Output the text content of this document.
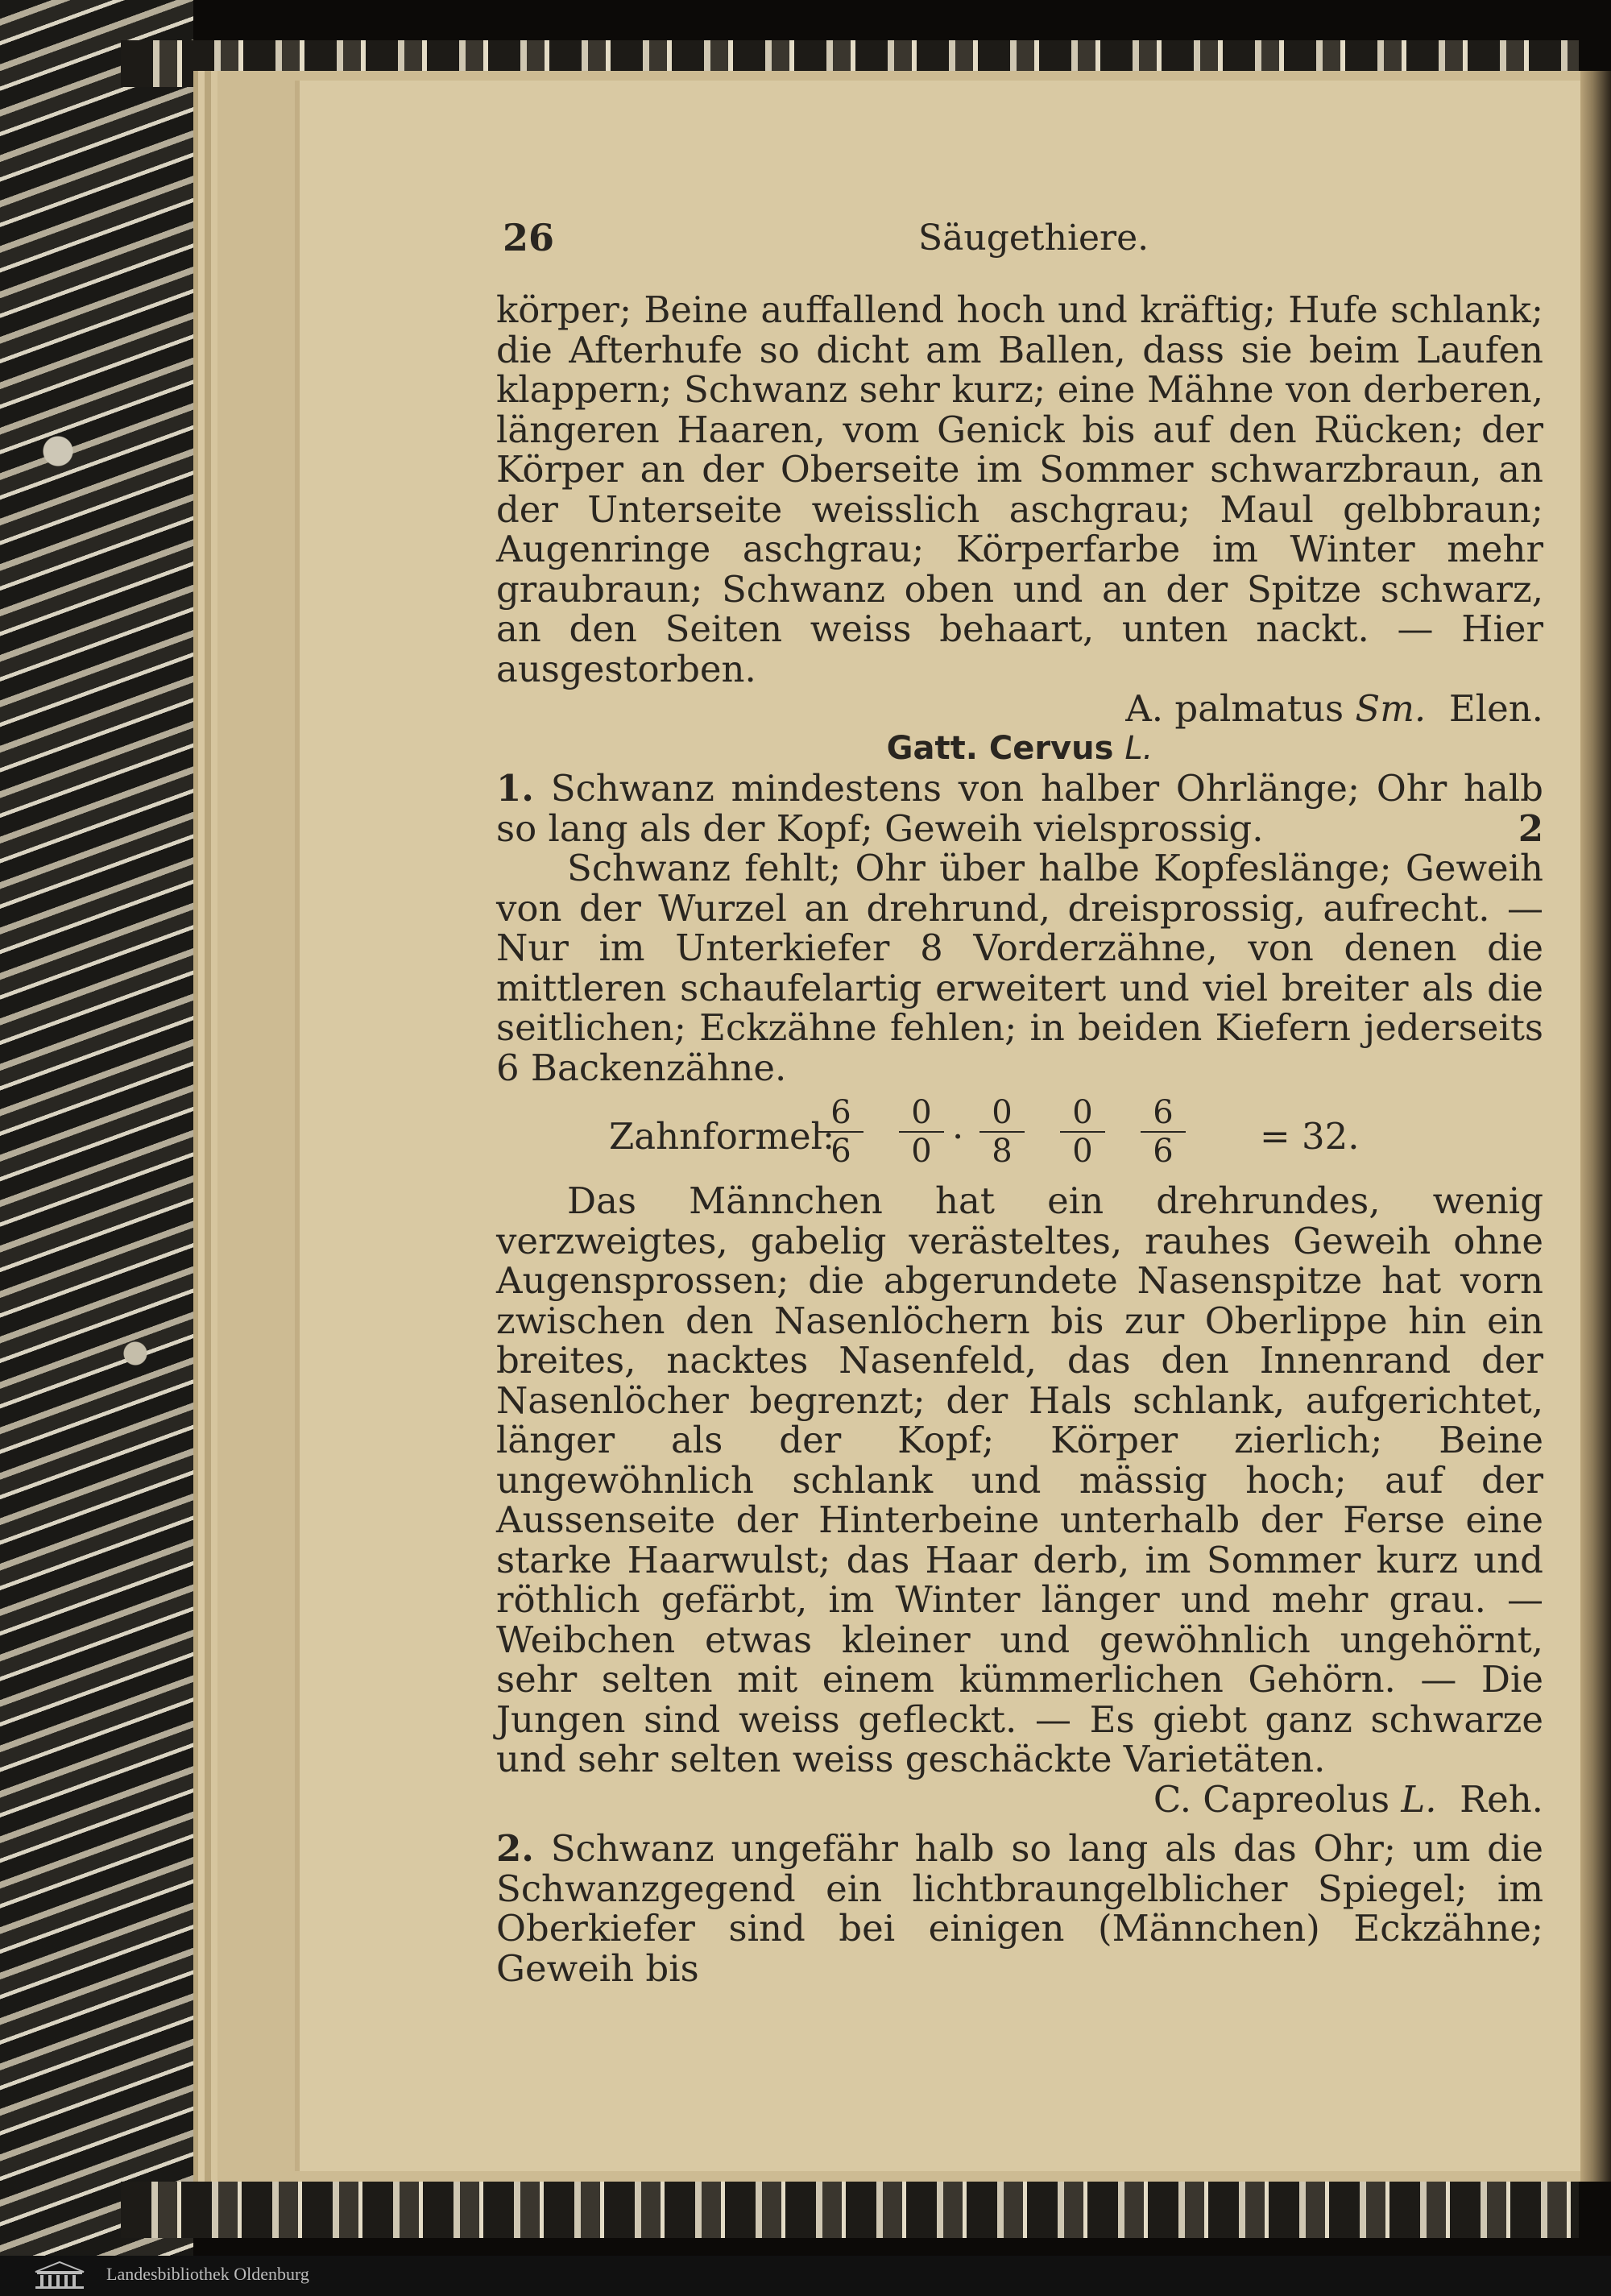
26	Säugethiere.

körper; Beine auffallend hoch und kräftig; Hufe schlank; die Afterhufe so dicht am Ballen, dass sie beim Laufen klappern; Schwanz sehr kurz; eine Mähne von derberen, längeren Haaren, vom Genick bis auf den Rücken; der Körper an der Oberseite im Sommer schwarzbraun, an der Unterseite weisslich aschgrau; Maul gelbbraun; Augenringe aschgrau; Körperfarbe im Winter mehr graubraun; Schwanz oben und an der Spitze schwarz, an den Seiten weiss behaart, unten nackt. — Hier ausgestorben.

A. palmatus Sm.  Elen.

Gatt. Cervus L.

1. Schwanz mindestens von halber Ohrlänge; Ohr halb so lang als der Kopf; Geweih vielsprossig.	2

Schwanz fehlt; Ohr über halbe Kopfeslänge; Geweih von der Wurzel an drehrund, dreisprossig, aufrecht. — Nur im Unterkiefer 8 Vorderzähne, von denen die mittleren schaufelartig erweitert und viel breiter als die seitlichen; Eckzähne fehlen; in beiden Kiefern jederseits 6 Backenzähne.

Zahnformel:
$\frac{6}{6} \frac{0}{0} \cdot \frac{0}{8} \frac{0}{0} \frac{6}{6} = 32$.

Das Männchen hat ein drehrundes, wenig verzweigtes, gabelig verästeltes, rauhes Geweih ohne Augensprossen; die abgerundete Nasenspitze hat vorn zwischen den Nasenlöchern bis zur Oberlippe hin ein breites, nacktes Nasenfeld, das den Innenrand der Nasenlöcher begrenzt; der Hals schlank, aufgerichtet, länger als der Kopf; Körper zierlich; Beine ungewöhnlich schlank und mässig hoch; auf der Aussenseite der Hinterbeine unterhalb der Ferse eine starke Haarwulst; das Haar derb, im Sommer kurz und röthlich gefärbt, im Winter länger und mehr grau. — Weibchen etwas kleiner und gewöhnlich ungehörnt, sehr selten mit einem kümmerlichen Gehörn. — Die Jungen sind weiss gefleckt. — Es giebt ganz schwarze und sehr selten weiss geschäckte Varietäten.

C. Capreolus L.  Reh.

2. Schwanz ungefähr halb so lang als das Ohr; um die Schwanzgegend ein lichtbraungelblicher Spiegel; im Oberkiefer sind bei einigen (Männchen) Eckzähne; Geweih bis

Landesbibliothek Oldenburg
